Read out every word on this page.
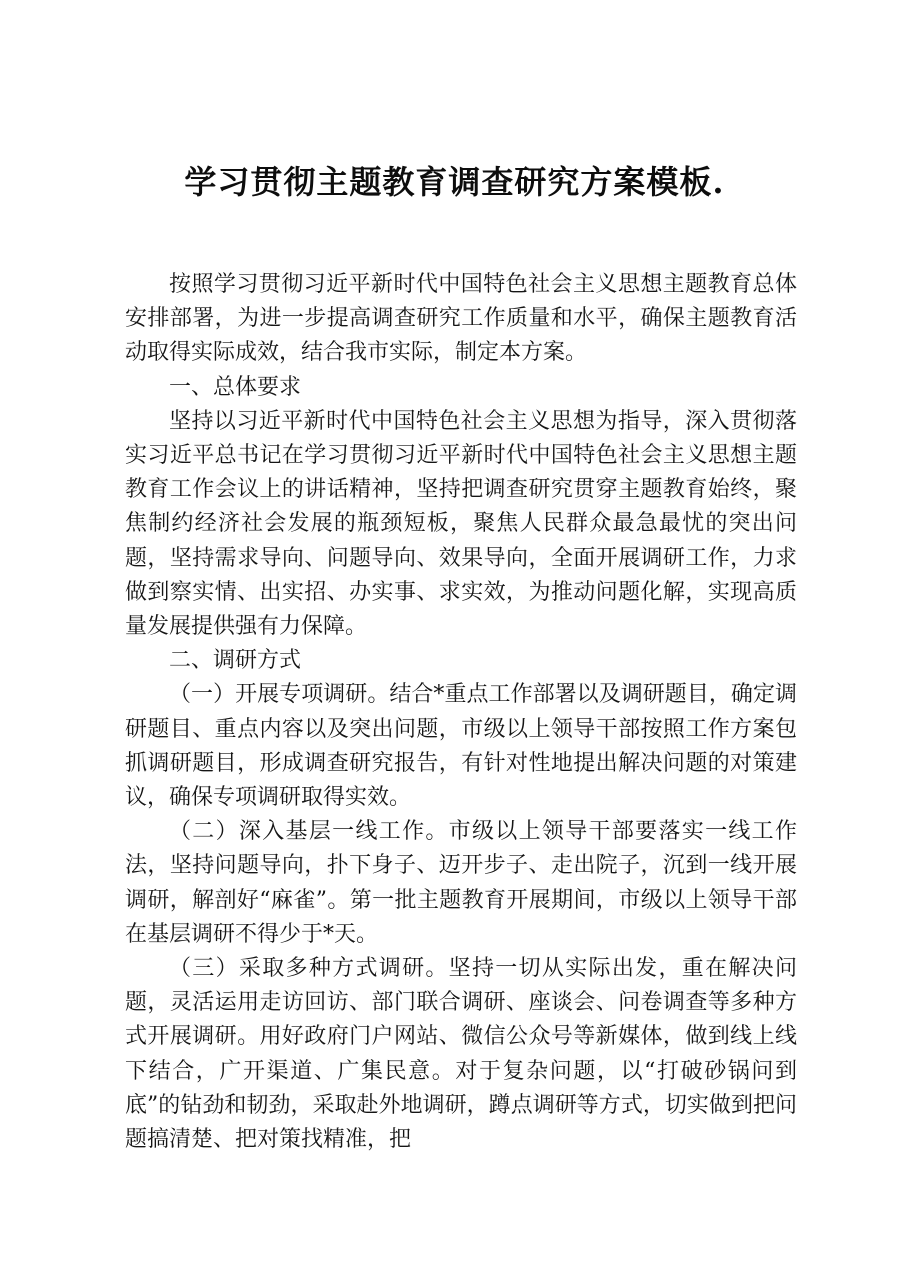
学习贯彻主题教育调查研究方案模板.

按照学习贯彻习近平新时代中国特色社会主义思想主题教育总体安排部署，为进一步提高调查研究工作质量和水平，确保主题教育活动取得实际成效，结合我市实际，制定本方案。

一、总体要求

坚持以习近平新时代中国特色社会主义思想为指导，深入贯彻落实习近平总书记在学习贯彻习近平新时代中国特色社会主义思想主题教育工作会议上的讲话精神，坚持把调查研究贯穿主题教育始终，聚焦制约经济社会发展的瓶颈短板，聚焦人民群众最急最忧的突出问题，坚持需求导向、问题导向、效果导向，全面开展调研工作，力求做到察实情、出实招、办实事、求实效，为推动问题化解，实现高质量发展提供强有力保障。

二、调研方式

（一）开展专项调研。结合*重点工作部署以及调研题目，确定调研题目、重点内容以及突出问题，市级以上领导干部按照工作方案包抓调研题目，形成调查研究报告，有针对性地提出解决问题的对策建议，确保专项调研取得实效。

（二）深入基层一线工作。市级以上领导干部要落实一线工作法，坚持问题导向，扑下身子、迈开步子、走出院子，沉到一线开展调研，解剖好“麻雀”。第一批主题教育开展期间，市级以上领导干部在基层调研不得少于*天。

（三）采取多种方式调研。坚持一切从实际出发，重在解决问题，灵活运用走访回访、部门联合调研、座谈会、问卷调查等多种方式开展调研。用好政府门户网站、微信公众号等新媒体，做到线上线下结合，广开渠道、广集民意。对于复杂问题，以“打破砂锅问到底”的钻劲和韧劲，采取赴外地调研，蹲点调研等方式，切实做到把问题搞清楚、把对策找精准，把
